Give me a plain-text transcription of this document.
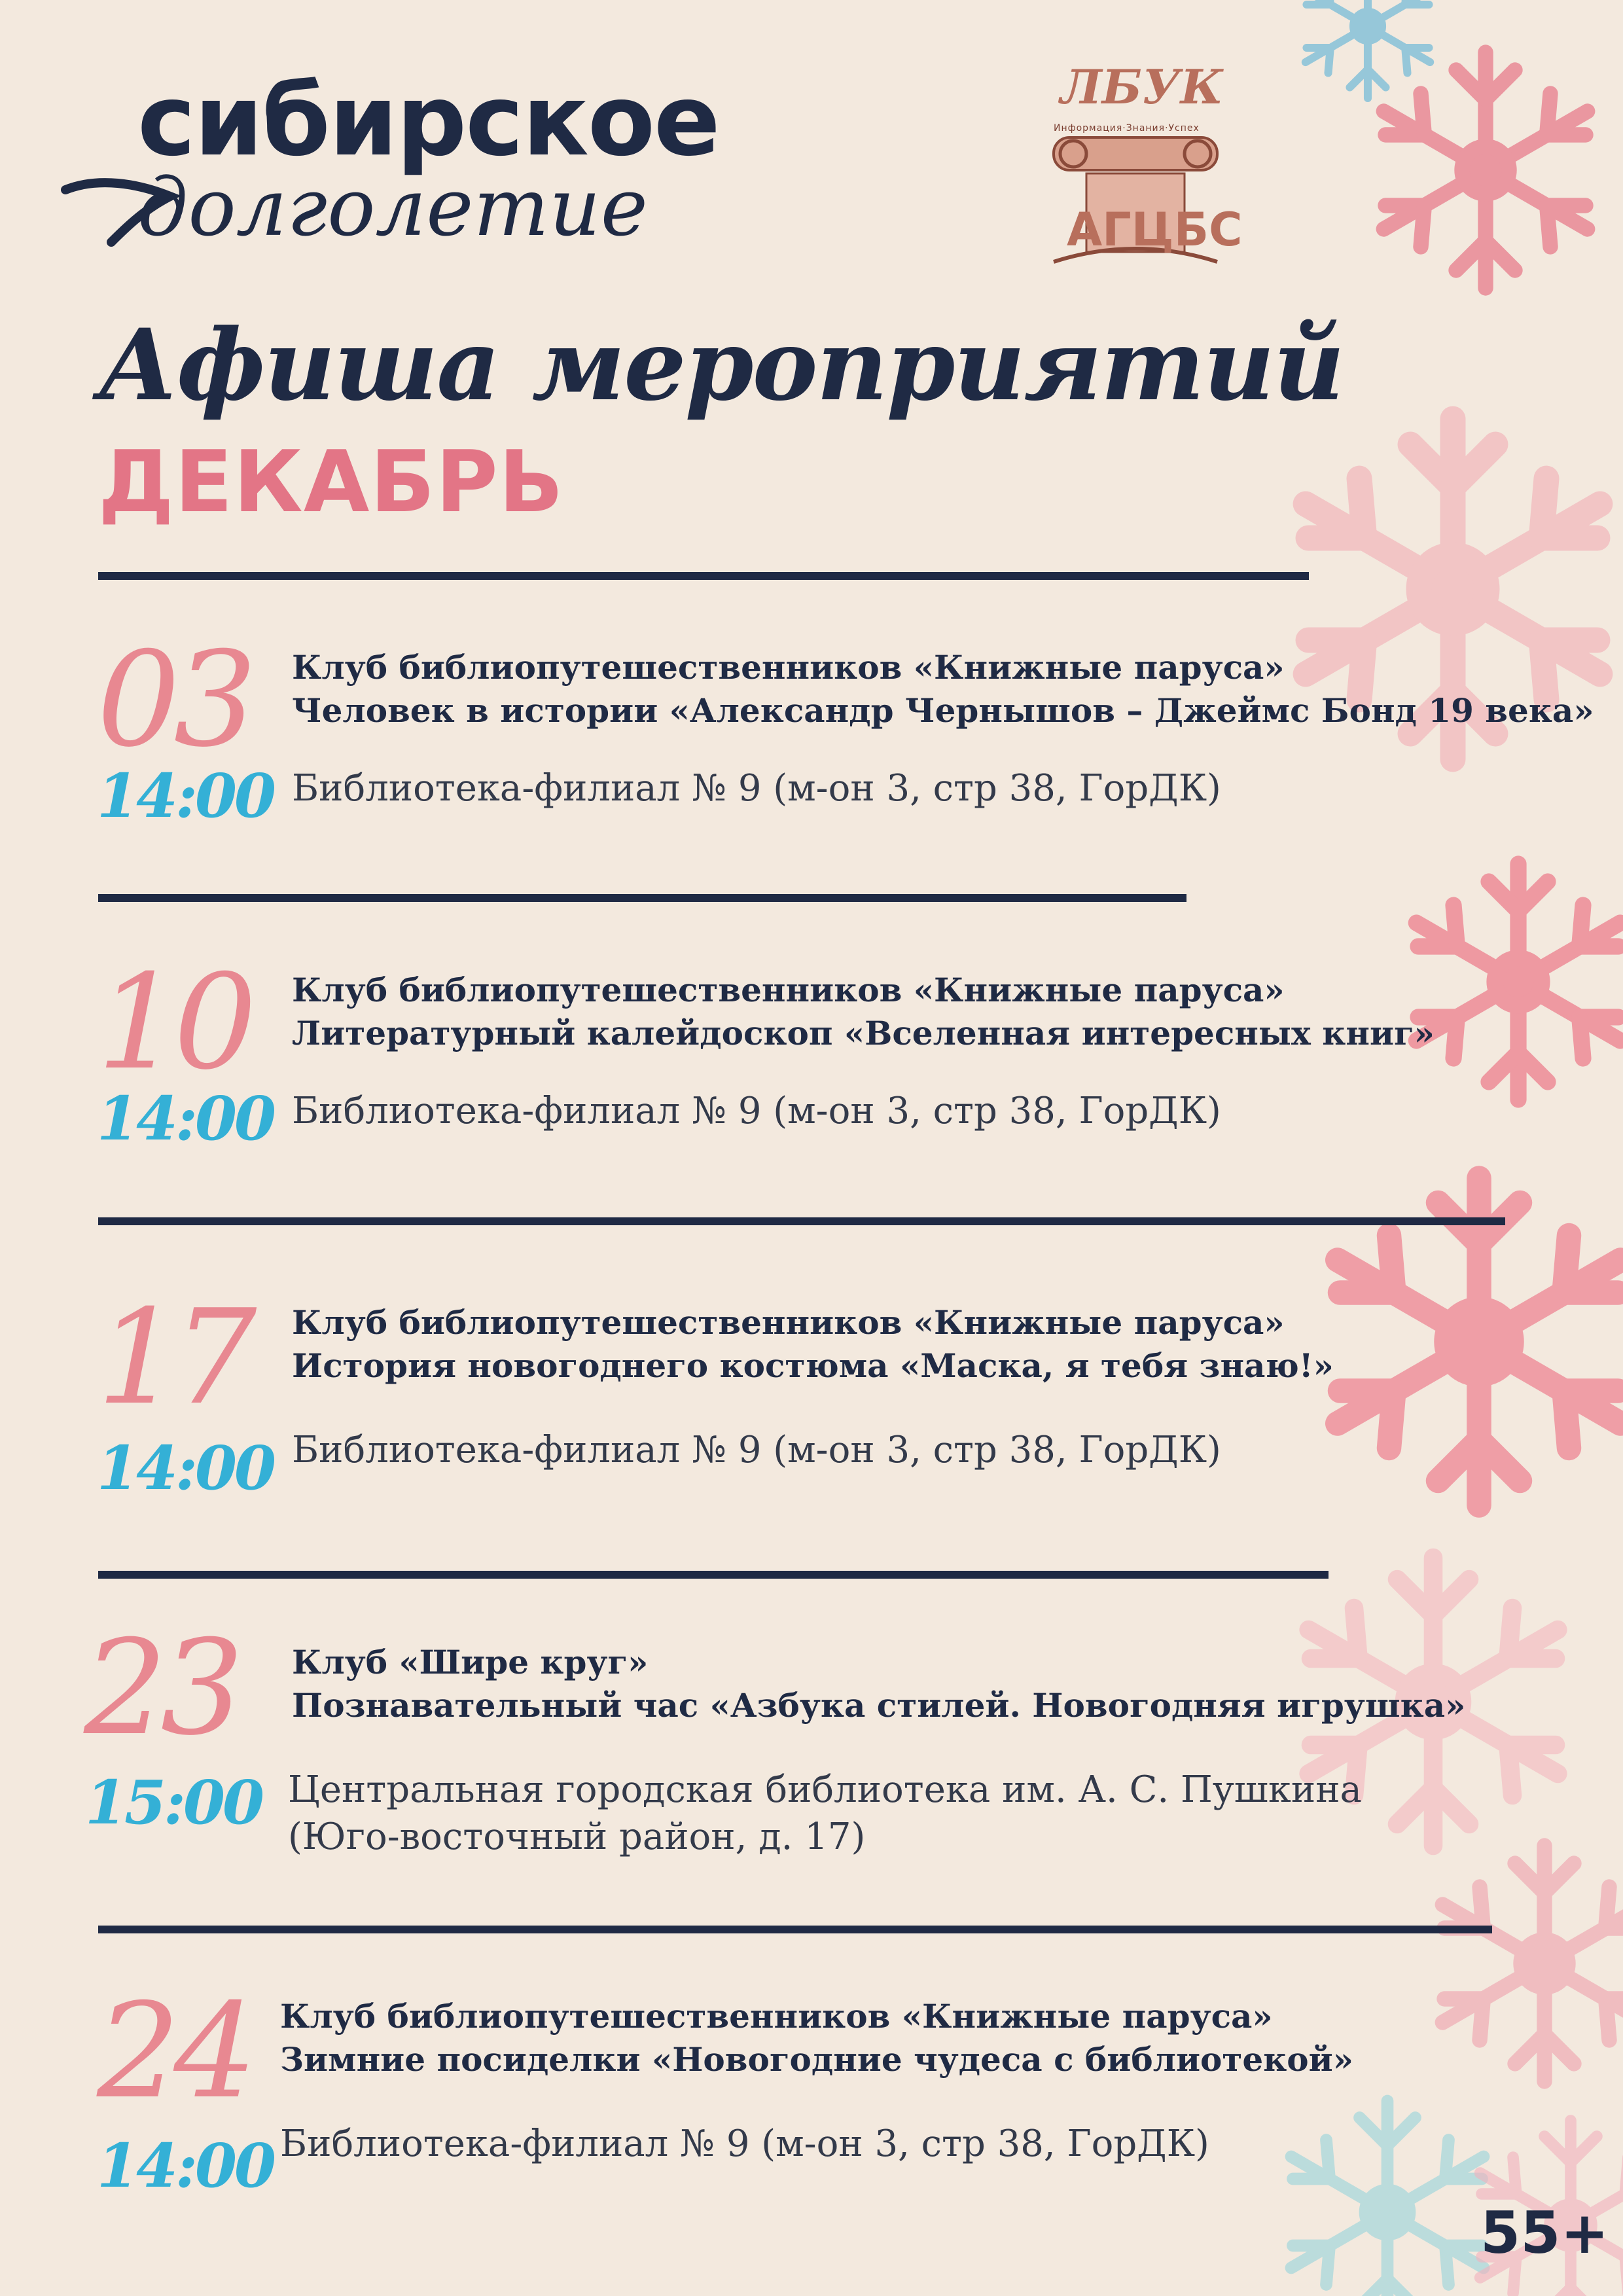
сибирское
долголетие
ЛБУК
Информация·Знания·Успех
АГЦБС
Афиша мероприятий
ДЕКАБРЬ
03
14:00
Клуб библиопутешественников «Книжные паруса»
Человек в истории «Александр Чернышов – Джеймс Бонд 19 века»
Библиотека-филиал № 9 (м-он 3, стр 38, ГорДК)
10
14:00
Клуб библиопутешественников «Книжные паруса»
Литературный калейдоскоп «Вселенная интересных книг»
Библиотека-филиал № 9 (м-он 3, стр 38, ГорДК)
17
14:00
Клуб библиопутешественников «Книжные паруса»
История новогоднего костюма «Маска, я тебя знаю!»
Библиотека-филиал № 9 (м-он 3, стр 38, ГорДК)
23
15:00
Клуб «Шире круг»
Познавательный час «Азбука стилей. Новогодняя игрушка»
Центральная городская библиотека им. А. С. Пушкина
(Юго-восточный район, д. 17)
24
14:00
Клуб библиопутешественников «Книжные паруса»
Зимние посиделки «Новогодние чудеса с библиотекой»
Библиотека-филиал № 9 (м-он 3, стр 38, ГорДК)
55+
